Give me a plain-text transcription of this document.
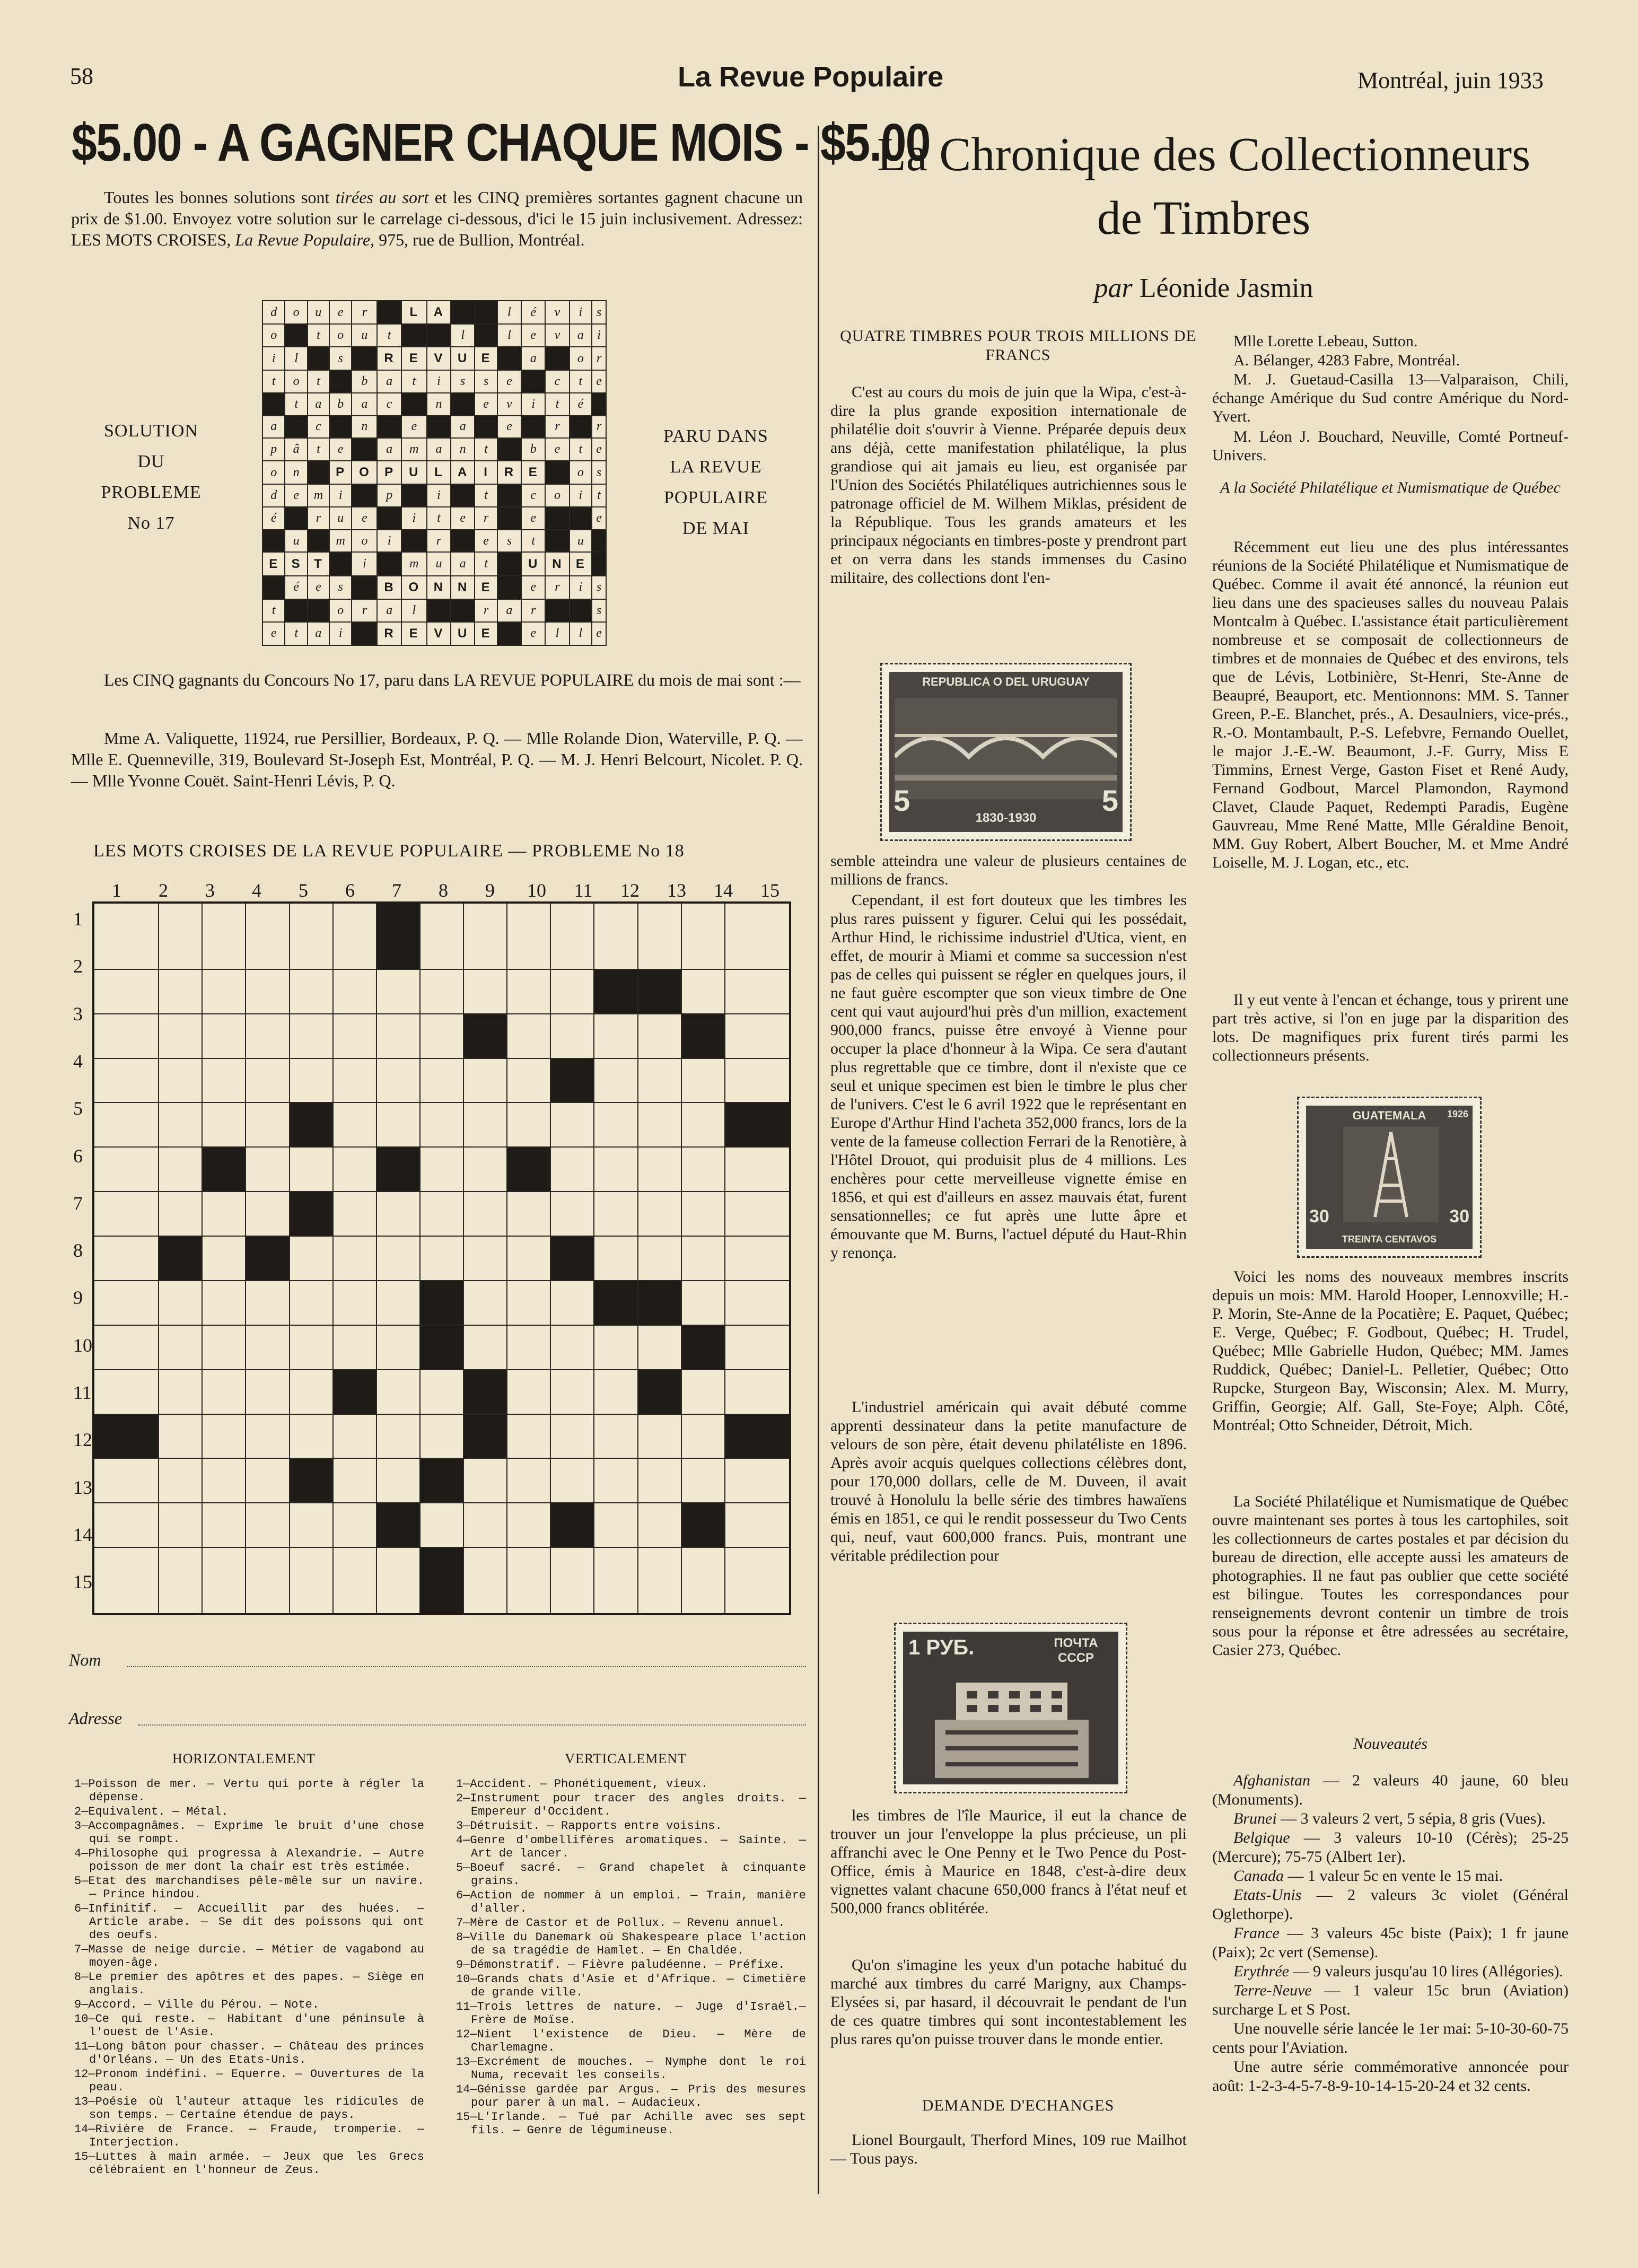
58	La Revue Populaire	Montréal, juin 1933
$5.00 - A GAGNER CHAQUE MOIS - $5.00

Toutes les bonnes solutions sont tirées au sort et les CINQ premières sortantes gagnent chacune un prix de $1.00. Envoyez votre solution sur le carrelage ci-dessous, d'ici le 15 juin inclusivement. Adressez: LES MOTS CROISES, La Revue Populaire, 975, rue de Bullion, Montréal.

SOLUTION
DU
PROBLEME
No 17
PARU DANS
LA REVUE
POPULAIRE
DE MAI
d	o	u	e	r		L	A			l	é	v	i	s
o		t	o	u	t			l		l	e	v	a	i
i	l		s		R	E	V	U	E		a		o	r
t	o	t		b	a	t	i	s	s	e		c	t	e
	t	a	b	a	c		n		e	v	i	t	é	
a		c		n		e		a		e		r		r
p	â	t	e		a	m	a	n	t		b	e	t	e
o	n		P	O	P	U	L	A	I	R	E		o	s
d	e	m	i		p		i		t		c	o	i	t
é		r	u	e		i	t	e	r		e			e
	u		m	o	i		r		e	s	t		u	
E	S	T		i		m	u	a	t		U	N	E	
	é	e	s		B	O	N	N	E		e	r	i	s
t			o	r	a	l			r	a	r			s
e	t	a	i		R	E	V	U	E		e	l	l	e

Les CINQ gagnants du Concours No 17, paru dans LA REVUE POPULAIRE du mois de mai sont :—

Mme A. Valiquette, 11924, rue Persillier, Bordeaux, P. Q. — Mlle Rolande Dion, Waterville, P. Q. — Mlle E. Quenneville, 319, Boulevard St-Joseph Est, Montréal, P. Q. — M. J. Henri Belcourt, Nicolet. P. Q. — Mlle Yvonne Couët. Saint-Henri Lévis, P. Q.

LES MOTS CROISES DE LA REVUE POPULAIRE — PROBLEME No 18
1 2 3 4 5 6 7 8 9 10 11 12 13 14 15
1
2
3
4
5
6
7
8
9
10
11
12
13
14
15

Nom
Adresse
HORIZONTALEMENT	VERTICALEMENT

1—Poisson de mer. — Vertu qui porte à régler la dépense.

2—Equivalent. — Métal.

3—Accompagnâmes. — Exprime le bruit d'une chose qui se rompt.

4—Philosophe qui progressa à Alexandrie. — Autre poisson de mer dont la chair est très estimée.

5—Etat des marchandises pêle-mêle sur un navire. — Prince hindou.

6—Infinitif. — Accueillit par des huées. — Article arabe. — Se dit des poissons qui ont des oeufs.

7—Masse de neige durcie. — Métier de vagabond au moyen-âge.

8—Le premier des apôtres et des papes. — Siège en anglais.

9—Accord. — Ville du Pérou. — Note.

10—Ce qui reste. — Habitant d'une péninsule à l'ouest de l'Asie.

11—Long bâton pour chasser. — Château des princes d'Orléans. — Un des Etats-Unis.

12—Pronom indéfini. — Equerre. — Ouvertures de la peau.

13—Poésie où l'auteur attaque les ridicules de son temps. — Certaine étendue de pays.

14—Rivière de France. — Fraude, tromperie. — Interjection.

15—Luttes à main armée. — Jeux que les Grecs célébraient en l'honneur de Zeus.

1—Accident. — Phonétiquement, vieux.

2—Instrument pour tracer des angles droits. —Empereur d'Occident.

3—Détruisit. — Rapports entre voisins.

4—Genre d'ombellifères aromatiques. — Sainte. — Art de lancer.

5—Boeuf sacré. — Grand chapelet à cinquante grains.

6—Action de nommer à un emploi. — Train, manière d'aller.

7—Mère de Castor et de Pollux. — Revenu annuel.

8—Ville du Danemark où Shakespeare place l'action de sa tragédie de Hamlet. — En Chaldée.

9—Démonstratif. — Fièvre paludéenne. — Préfixe.

10—Grands chats d'Asie et d'Afrique. — Cimetière de grande ville.

11—Trois lettres de nature. — Juge d'Israël.— Frère de Moïse.

12—Nient l'existence de Dieu. — Mère de Charlemagne.

13—Excrément de mouches. — Nymphe dont le roi Numa, recevait les conseils.

14—Génisse gardée par Argus. — Pris des mesures pour parer à un mal. — Audacieux.

15—L'Irlande. — Tué par Achille avec ses sept fils. — Genre de légumineuse.

La Chronique des Collectionneurs
de Timbres
par Léonide Jasmin
QUATRE TIMBRES POUR TROIS MILLIONS DE FRANCS

C'est au cours du mois de juin que la Wipa, c'est-à-dire la plus grande exposition internationale de philatélie doit s'ouvrir à Vienne. Préparée depuis deux ans déjà, cette manifestation philatélique, la plus grandiose qui ait jamais eu lieu, est organisée par l'Union des Sociétés Philatéliques autrichiennes sous le patronage officiel de M. Wilhem Miklas, président de la République. Tous les grands amateurs et les principaux négociants en timbres-poste y prendront part et on verra dans les stands immenses du Casino militaire, des collections dont l'en-

REPUBLICA O DEL URUGUAY
5	5
1830-1930

semble atteindra une valeur de plusieurs centaines de millions de francs.

Cependant, il est fort douteux que les timbres les plus rares puissent y figurer. Celui qui les possédait, Arthur Hind, le richissime industriel d'Utica, vient, en effet, de mourir à Miami et comme sa succession n'est pas de celles qui puissent se régler en quelques jours, il ne faut guère escompter que son vieux timbre de One cent qui vaut aujourd'hui près d'un million, exactement 900,000 francs, puisse être envoyé à Vienne pour occuper la place d'honneur à la Wipa. Ce sera d'autant plus regrettable que ce timbre, dont il n'existe que ce seul et unique specimen est bien le timbre le plus cher de l'univers. C'est le 6 avril 1922 que le représentant en Europe d'Arthur Hind l'acheta 352,000 francs, lors de la vente de la fameuse collection Ferrari de la Renotière, à l'Hôtel Drouot, qui produisit plus de 4 millions. Les enchères pour cette merveilleuse vignette émise en 1856, et qui est d'ailleurs en assez mauvais état, furent sensationnelles; ce fut après une lutte âpre et émouvante que M. Burns, l'actuel député du Haut-Rhin y renonça.

L'industriel américain qui avait débuté comme apprenti dessinateur dans la petite manufacture de velours de son père, était devenu philatéliste en 1896. Après avoir acquis quelques collections célèbres dont, pour 170,000 dollars, celle de M. Duveen, il avait trouvé à Honolulu la belle série des timbres hawaïens émis en 1851, ce qui le rendit possesseur du Two Cents qui, neuf, vaut 600,000 francs. Puis, montrant une véritable prédilection pour

1 РУБ.	ПОЧТА СССР

les timbres de l'île Maurice, il eut la chance de trouver un jour l'enveloppe la plus précieuse, un pli affranchi avec le One Penny et le Two Pence du Post-Office, émis à Maurice en 1848, c'est-à-dire deux vignettes valant chacune 650,000 francs à l'état neuf et 500,000 francs oblitérée.

Qu'on s'imagine les yeux d'un potache habitué du marché aux timbres du carré Marigny, aux Champs-Elysées si, par hasard, il découvrait le pendant de l'un de ces quatre timbres qui sont incontestablement les plus rares qu'on puisse trouver dans le monde entier.

DEMANDE D'ECHANGES

Lionel Bourgault, Therford Mines, 109 rue Mailhot — Tous pays.

Mlle Lorette Lebeau, Sutton.

A. Bélanger, 4283 Fabre, Montréal.

M. J. Guetaud-Casilla 13—Valparaison, Chili, échange Amérique du Sud contre Amérique du Nord-Yvert.

M. Léon J. Bouchard, Neuville, Comté Portneuf-Univers.

A la Société Philatélique et Numismatique de Québec

Récemment eut lieu une des plus intéressantes réunions de la Société Philatélique et Numismatique de Québec. Comme il avait été annoncé, la réunion eut lieu dans une des spacieuses salles du nouveau Palais Montcalm à Québec. L'assistance était particulièrement nombreuse et se composait de collectionneurs de timbres et de monnaies de Québec et des environs, tels que de Lévis, Lotbinière, St-Henri, Ste-Anne de Beaupré, Beauport, etc. Mentionnons: MM. S. Tanner Green, P.-E. Blanchet, prés., A. Desaulniers, vice-prés., R.-O. Montambault, P.-S. Lefebvre, Fernando Ouellet, le major J.-E.-W. Beaumont, J.-F. Gurry, Miss E Timmins, Ernest Verge, Gaston Fiset et René Audy, Fernand Godbout, Marcel Plamondon, Raymond Clavet, Claude Paquet, Redempti Paradis, Eugène Gauvreau, Mme René Matte, Mlle Géraldine Benoit, MM. Guy Robert, Albert Boucher, M. et Mme André Loiselle, M. J. Logan, etc., etc.

Il y eut vente à l'encan et échange, tous y prirent une part très active, si l'on en juge par la disparition des lots. De magnifiques prix furent tirés parmi les collectionneurs présents.

GUATEMALA	1926
30	30
TREINTA CENTAVOS

Voici les noms des nouveaux membres inscrits depuis un mois: MM. Harold Hooper, Lennoxville; H.-P. Morin, Ste-Anne de la Pocatière; E. Paquet, Québec; E. Verge, Québec; F. Godbout, Québec; H. Trudel, Québec; Mlle Gabrielle Hudon, Québec; MM. James Ruddick, Québec; Daniel-L. Pelletier, Québec; Otto Rupcke, Sturgeon Bay, Wisconsin; Alex. M. Murry, Griffin, Georgie; Alf. Gall, Ste-Foye; Alph. Côté, Montréal; Otto Schneider, Détroit, Mich.

La Société Philatélique et Numismatique de Québec ouvre maintenant ses portes à tous les cartophiles, soit les collectionneurs de cartes postales et par décision du bureau de direction, elle accepte aussi les amateurs de photographies. Il ne faut pas oublier que cette société est bilingue. Toutes les correspondances pour renseignements devront contenir un timbre de trois sous pour la réponse et être adressées au secrétaire, Casier 273, Québec.

Nouveautés

Afghanistan — 2 valeurs 40 jaune, 60 bleu (Monuments).

Brunei — 3 valeurs 2 vert, 5 sépia, 8 gris (Vues).

Belgique — 3 valeurs 10-10 (Cérès); 25-25 (Mercure); 75-75 (Albert 1er).

Canada — 1 valeur 5c en vente le 15 mai.

Etats-Unis — 2 valeurs 3c violet (Général Oglethorpe).

France — 3 valeurs 45c biste (Paix); 1 fr jaune (Paix); 2c vert (Semense).

Erythrée — 9 valeurs jusqu'au 10 lires (Allégories).

Terre-Neuve — 1 valeur 15c brun (Aviation) surcharge L et S Post.

Une nouvelle série lancée le 1er mai: 5-10-30-60-75 cents pour l'Aviation.

Une autre série commémorative annoncée pour août: 1-2-3-4-5-7-8-9-10-14-15-20-24 et 32 cents.
